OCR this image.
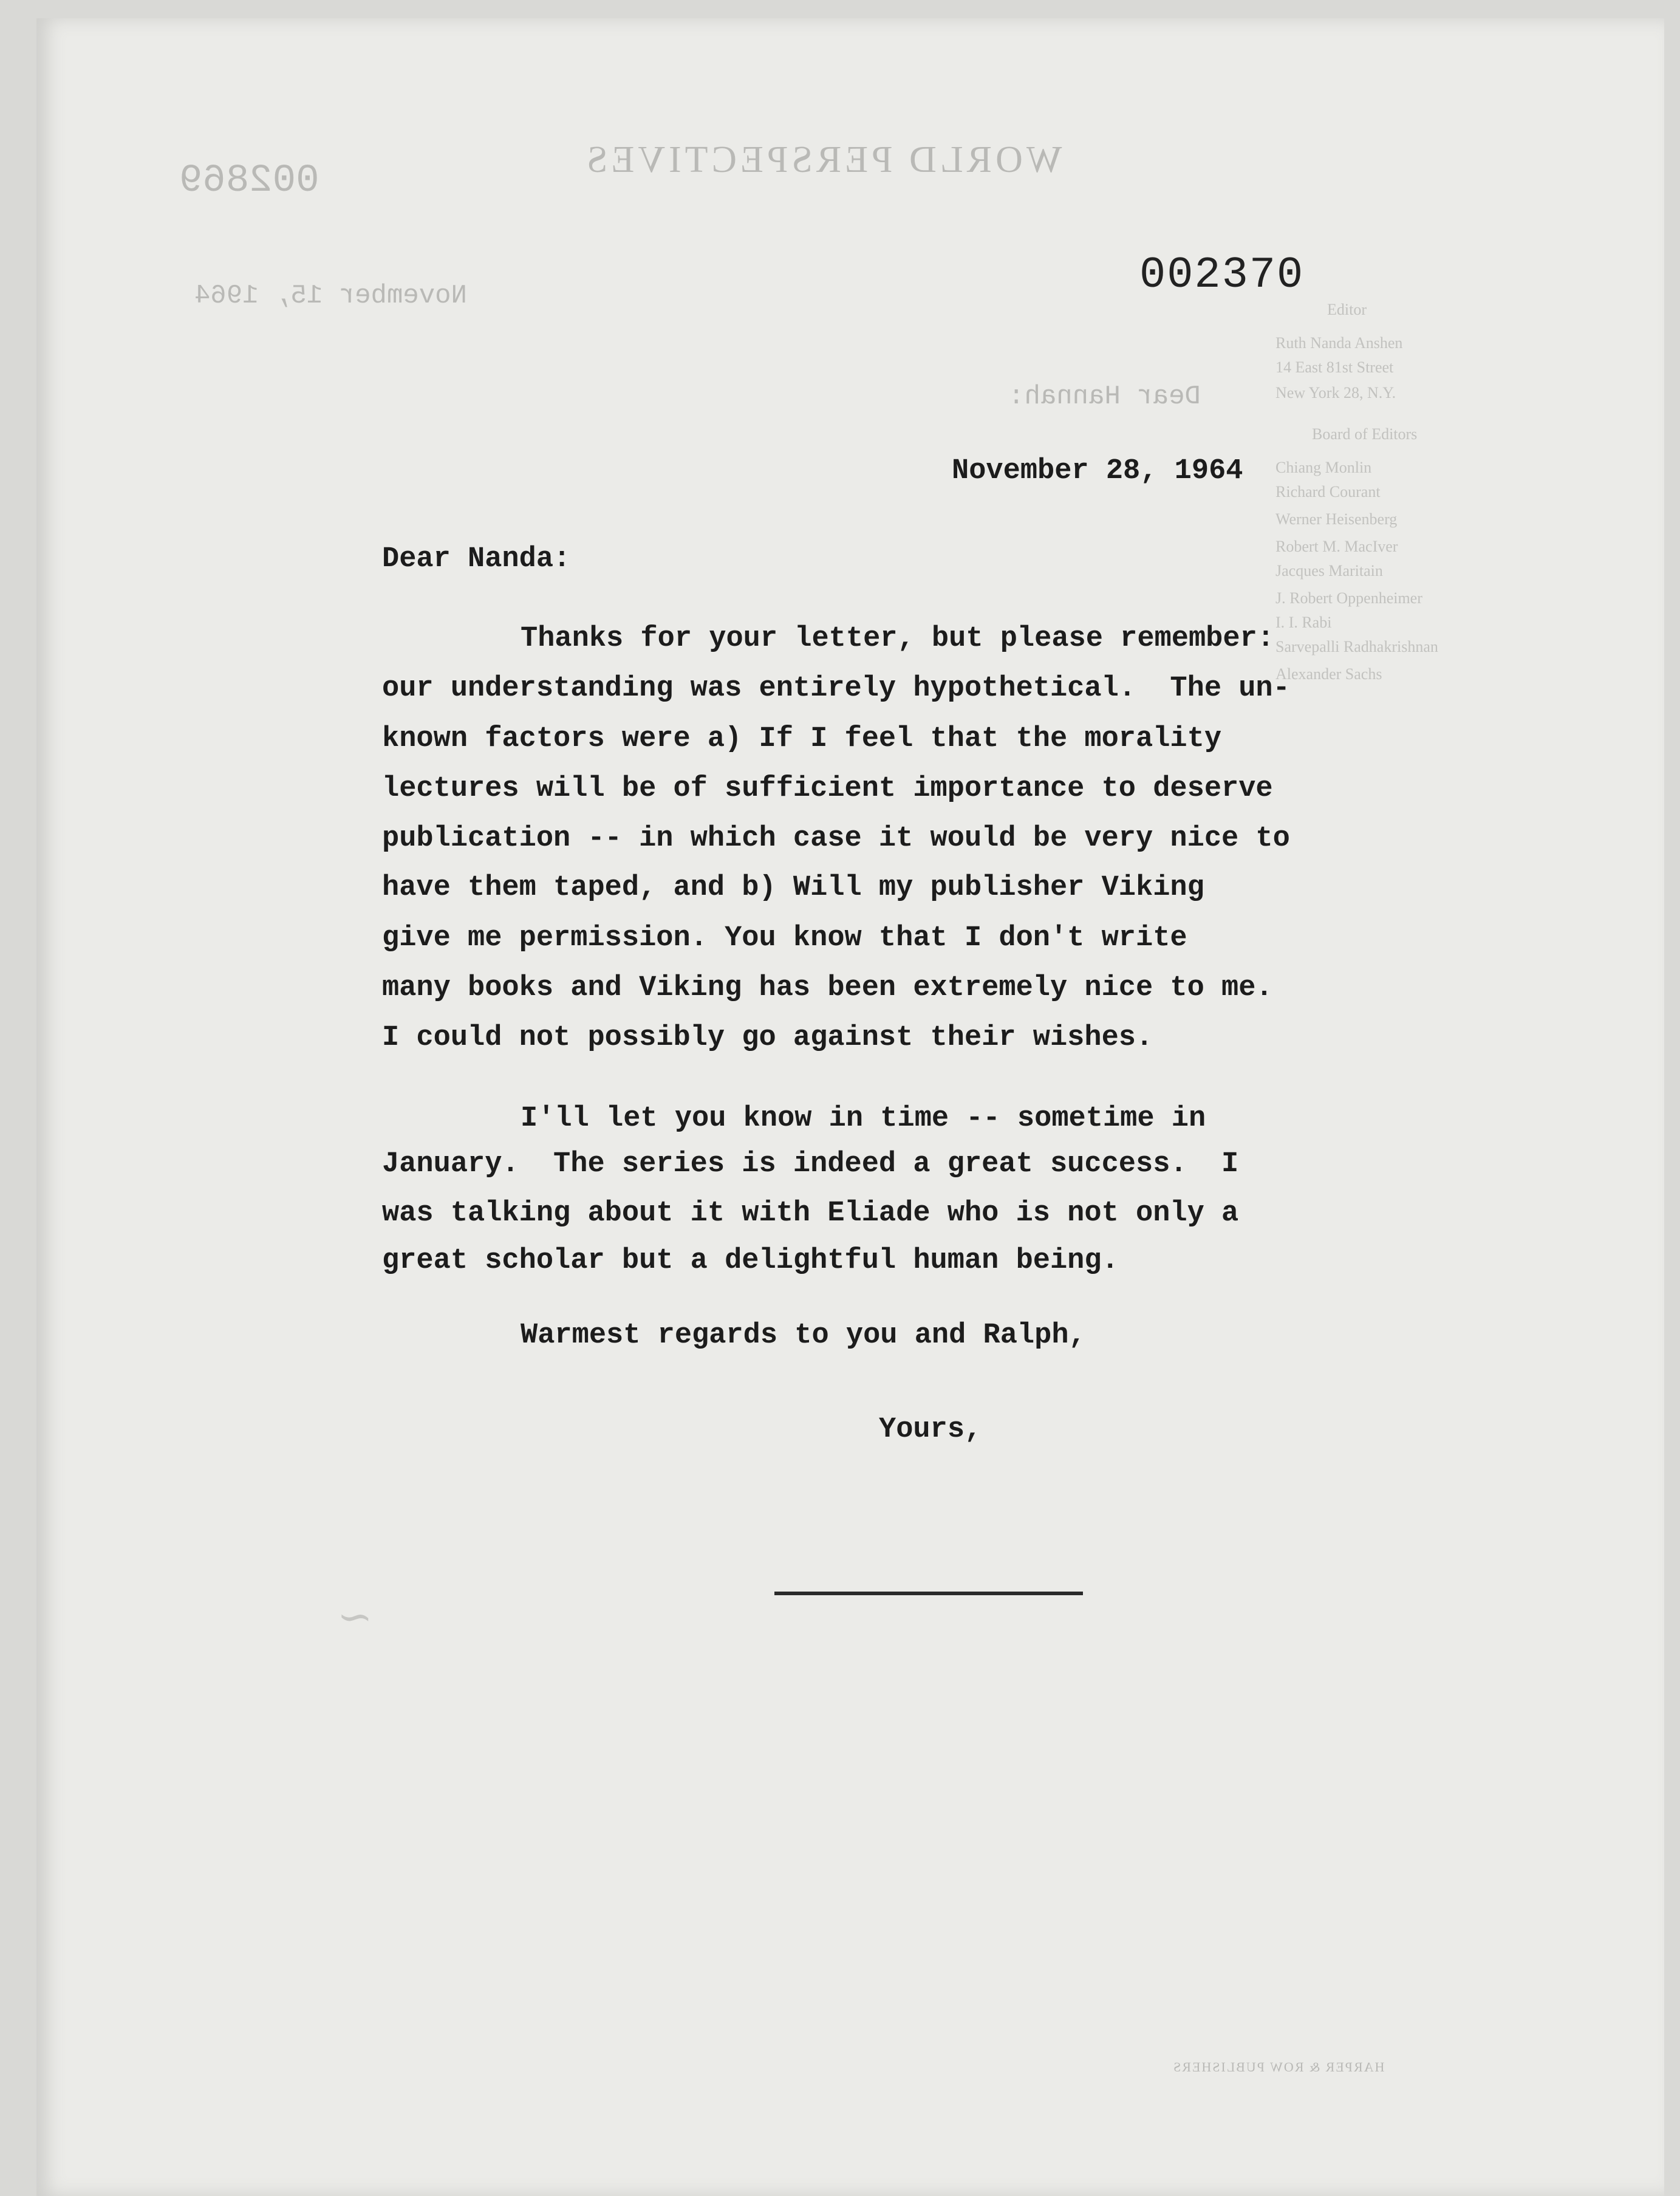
WORLD PERSPECTIVES
002869
November 15, 1964
Dear Hannah:
HARPER & ROW PUBLISHERS
~
Editor
Ruth Nanda Anshen
14 East 81st Street
New York 28, N.Y.
Board of Editors
Chiang Monlin
Richard Courant
Werner Heisenberg
Robert M. MacIver
Jacques Maritain
J. Robert Oppenheimer
I. I. Rabi
Sarvepalli Radhakrishnan
Alexander Sachs
002370
November 28, 1964
Dear Nanda:
Thanks for your letter, but please remember:
our understanding was entirely hypothetical.  The un-
known factors were a) If I feel that the morality
lectures will be of sufficient importance to deserve
publication -- in which case it would be very nice to
have them taped, and b) Will my publisher Viking
give me permission. You know that I don't write
many books and Viking has been extremely nice to me.
I could not possibly go against their wishes.
I'll let you know in time -- sometime in
January.  The series is indeed a great success.  I
was talking about it with Eliade who is not only a
great scholar but a delightful human being.
Warmest regards to you and Ralph,
Yours,
